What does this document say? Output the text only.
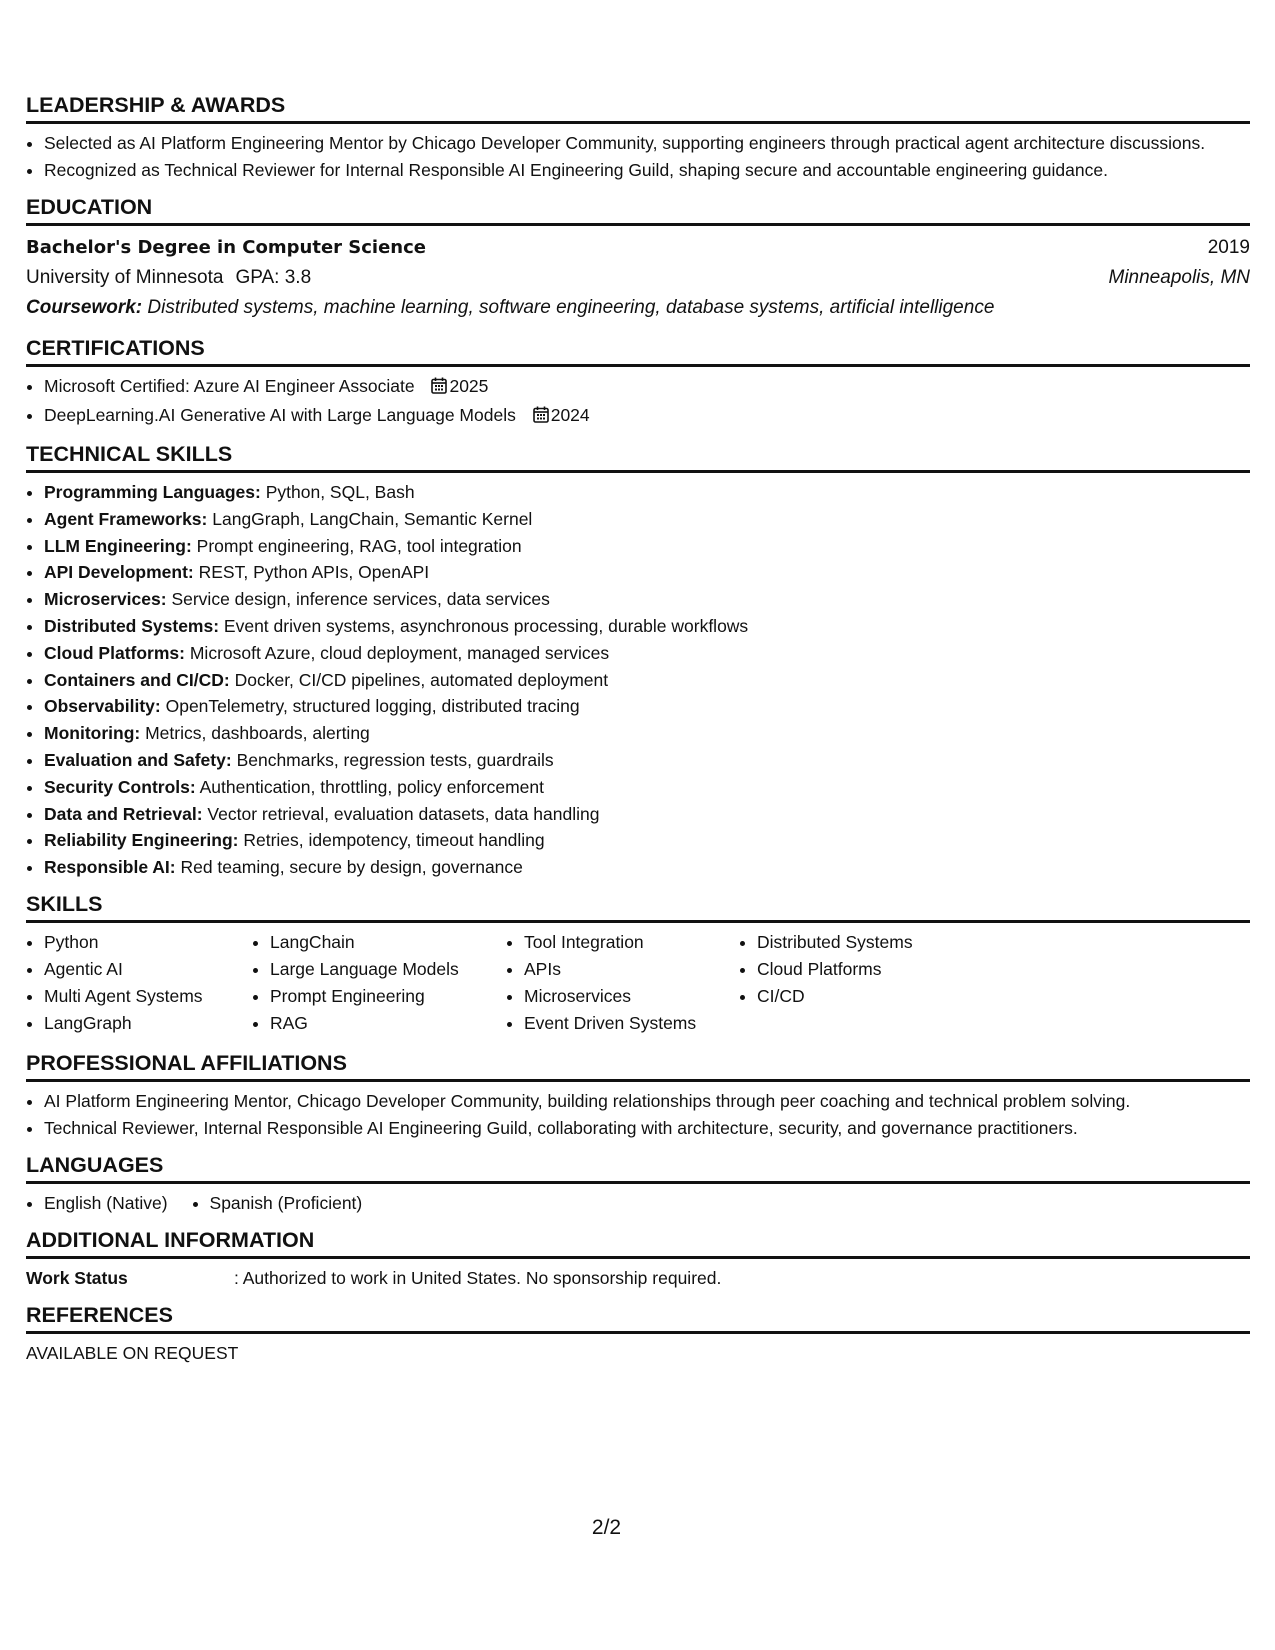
LEADERSHIP & AWARDS
• Selected as AI Platform Engineering Mentor by Chicago Developer Community, supporting engineers through practical agent architecture discussions.
• Recognized as Technical Reviewer for Internal Responsible AI Engineering Guild, shaping secure and accountable engineering guidance.
EDUCATION
Bachelor's Degree in Computer Science	2019
University of Minnesota GPA: 3.8	Minneapolis, MN
Coursework: Distributed systems, machine learning, software engineering, database systems, artificial intelligence
CERTIFICATIONS
• Microsoft Certified: Azure AI Engineer Associate 2025
• DeepLearning.AI Generative AI with Large Language Models 2024
TECHNICAL SKILLS
• Programming Languages: Python, SQL, Bash
• Agent Frameworks: LangGraph, LangChain, Semantic Kernel
• LLM Engineering: Prompt engineering, RAG, tool integration
• API Development: REST, Python APIs, OpenAPI
• Microservices: Service design, inference services, data services
• Distributed Systems: Event driven systems, asynchronous processing, durable workflows
• Cloud Platforms: Microsoft Azure, cloud deployment, managed services
• Containers and CI/CD: Docker, CI/CD pipelines, automated deployment
• Observability: OpenTelemetry, structured logging, distributed tracing
• Monitoring: Metrics, dashboards, alerting
• Evaluation and Safety: Benchmarks, regression tests, guardrails
• Security Controls: Authentication, throttling, policy enforcement
• Data and Retrieval: Vector retrieval, evaluation datasets, data handling
• Reliability Engineering: Retries, idempotency, timeout handling
• Responsible AI: Red teaming, secure by design, governance
SKILLS
• Python
• Agentic AI
• Multi Agent Systems
• LangGraph
• LangChain
• Large Language Models
• Prompt Engineering
• RAG
• Tool Integration
• APIs
• Microservices
• Event Driven Systems
• Distributed Systems
• Cloud Platforms
• CI/CD
PROFESSIONAL AFFILIATIONS
• AI Platform Engineering Mentor, Chicago Developer Community, building relationships through peer coaching and technical problem solving.
• Technical Reviewer, Internal Responsible AI Engineering Guild, collaborating with architecture, security, and governance practitioners.
LANGUAGES
• English (Native)
• Spanish (Proficient)
ADDITIONAL INFORMATION
Work Status	: Authorized to work in United States. No sponsorship required.
REFERENCES
AVAILABLE ON REQUEST
2/2
